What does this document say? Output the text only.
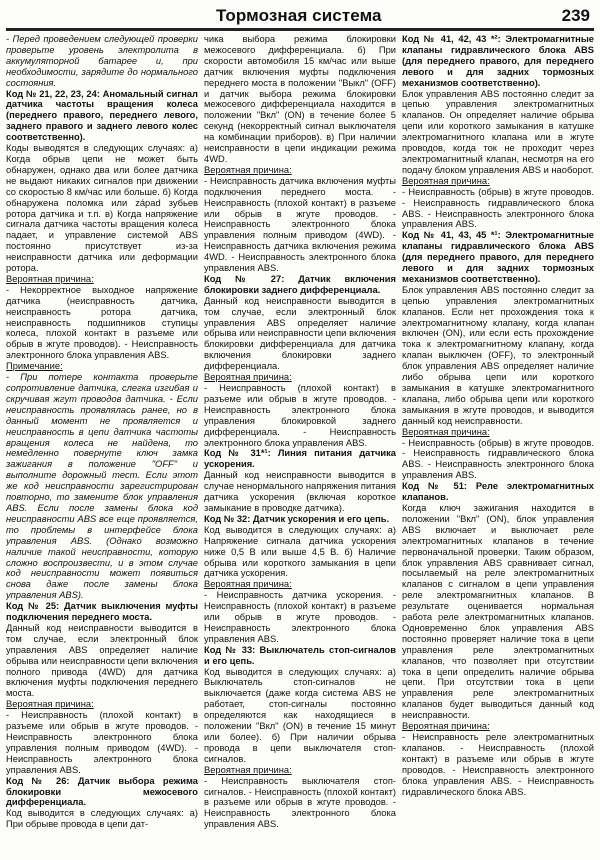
Тормозная система	239

- Перед проведением следующей проверки проверьте уровень электролита в аккумуляторной батарее и, при необходимости, зарядите до нормального состояния.

Код № 21, 22, 23, 24: Аномальный сигнал датчика частоты вращения колеса (переднего правого, переднего левого, заднего правого и заднего левого колес соответственно).

Коды выводятся в следующих случаях: а) Когда обрыв цепи не может быть обнаружен, однако два или более датчика не выдают никаких сигналов при движении со скоростью 8 км/час или больше. б) Когда обнаружена поломка или západ зубьев ротора датчика и т.п. в) Когда напряжение сигнала датчика частоты вращения колеса падает, и управление системой ABS постоянно присутствует из-за неисправности датчика или деформации ротора.

Вероятная причина:

- Некорректное выходное напряжение датчика (неисправность датчика, неисправность ротора датчика, неисправность подшипников ступицы колеса, плохой контакт в разъеме или обрыв в жгуте проводов). - Неисправность электронного блока управления ABS.

Примечание:

- При потере контакта проверьте сопротивление датчика, слегка изгибая и скручивая жгут проводов датчика. - Если неисправность проявлялась ранее, но в данный момент не проявляется и неисправность в цепи датчика частоты вращения колеса не найдена, то немедленно повернуте ключ замка зажигания в положение "OFF" и выполните дорожный тест. Если этот же код неисправности зарегистрирован повторно, то замените блок управления ABS. Если после замены блока код неисправности ABS все еще проявляется, то проблемы в интерфейсе блока управления ABS. (Однако возможно наличие такой неисправности, которую сложно воспроизвести, и в этом случае код неисправности может появиться снова даже после замены блока управления ABS).

Код № 25: Датчик выключения муфты подключения переднего моста.

Данный код неисправности выводится в том случае, если электронный блок управления ABS определяет наличие обрыва или неисправности цепи включения полного привода (4WD) для датчика включения муфты подключения переднего моста.

Вероятная причина:

- Неисправность (плохой контакт) в разъеме или обрыв в жгуте проводов. - Неисправность электронного блока управления полным приводом (4WD). - Неисправность электронного блока управления ABS.

Код № 26: Датчик выбора режима блокировки межосевого дифференциала.

Код выводится в следующих случаях: а) При обрыве провода в цепи дат-

чика выбора режима блокировки межосевого дифференциала. б) При скорости автомобиля 15 км/час или выше датчик включения муфты подключения переднего моста в положении "Выкл" (OFF) и датчик выбора режима блокировки межосевого дифференциала находится в положении "Вкл" (ON) в течение более 5 секунд (некорректный сигнал выключателя на комбинации приборов). в) При наличии неисправности в цепи индикации режима 4WD.

Вероятная причина:

- Неисправность датчика включения муфты подключения переднего моста. - Неисправность (плохой контакт) в разъеме или обрыв в жгуте проводов. - Неисправность электронного блока управления полным приводом (4WD). - Неисправность датчика включения режима 4WD. - Неисправность электронного блока управления ABS.

Код № 27: Датчик включения блокировки заднего дифференциала.

Данный код неисправности выводится в том случае, если электронный блок управления ABS определяет наличие обрыва или неисправности цепи включения блокировки дифференциала для датчика включения блокировки заднего дифференциала.

Вероятная причина:

- Неисправность (плохой контакт) в разъеме или обрыв в жгуте проводов. - Неисправность электронного блока управления блокировкой заднего дифференциала. - Неисправность электронного блока управления ABS.

Код № 31*¹: Линия питания датчика ускорения.

Данный код неисправности выводится в случае ненормального напряжения питания датчика ускорения (включая короткое замыкание в проводке датчика).

Код № 32: Датчик ускорения и его цепь.

Код выводится в следующих случаях: а) Напряжение сигнала датчика ускорения ниже 0,5 В или выше 4,5 В. б) Наличие обрыва или короткого замыкания в цепи датчика ускорения.

Вероятная причина:

- Неисправность датчика ускорения. - Неисправность (плохой контакт) в разъеме или обрыв в жгуте проводов. - Неисправность электронного блока управления ABS.

Код № 33: Выключатель стоп-сигналов и его цепь.

Код выводится в следующих случаях: а) Выключатель стоп-сигналов не выключается (даже когда система ABS не работает, стоп-сигналы постоянно определяются как находящиеся в положении "Вкл" (ON) в течение 15 минут или более). б) При наличии обрыва провода в цепи выключателя стоп-сигналов.

Вероятная причина:

- Неисправность выключателя стоп-сигналов. - Неисправность (плохой контакт) в разъеме или обрыв в жгуте проводов. - Неисправность электронного блока управления ABS.

Код № 41, 42, 43 *²: Электромагнитные клапаны гидравлического блока ABS (для переднего правого, для переднего левого и для задних тормозных механизмов соответственно).

Блок управления ABS постоянно следит за цепью управления электромагнитных клапанов. Он определяет наличие обрыва цепи или короткого замыкания в катушке электромагнитного клапана или в жгуте проводов, когда ток не проходит через электромагнитный клапан, несмотря на его подачу блоком управления ABS и наоборот.

Вероятная причина:

- Неисправность (обрыв) в жгуте проводов. - Неисправность гидравлического блока ABS. - Неисправность электронного блока управления ABS.

Код № 41, 43, 45 *¹: Электромагнитные клапаны гидравлического блока ABS (для переднего правого, для переднего левого и для задних тормозных механизмов соответственно).

Блок управления ABS постоянно следит за цепью управления электромагнитных клапанов. Если нет прохождения тока к электромагнитному клапану, когда клапан включен (ON), или если есть прохождение тока к электромагнитному клапану, когда клапан выключен (OFF), то электронный блок управления ABS определяет наличие либо обрыва цепи или короткого замыкания в катушке электромагнитного клапана, либо обрыва цепи или короткого замыкания в жгуте проводов, и выводится данный код неисправности.

Вероятная причина:

- Неисправность (обрыв) в жгуте проводов. - Неисправность гидравлического блока ABS. - Неисправность электронного блока управления ABS.

Код № 51: Реле электромагнитных клапанов.

Когда ключ зажигания находится в положении "Вкл" (ON), блок управления ABS включает и выключает реле электромагнитных клапанов в течение первоначальной проверки. Таким образом, блок управления ABS сравнивает сигнал, посылаемый на реле электромагнитных клапанов с сигналом в цепи управления реле электромагнитных клапанов. В результате оценивается нормальная работа реле электромагнитных клапанов. Одновременно блок управления ABS постоянно проверяет наличие тока в цепи управления реле электромагнитных клапанов, что позволяет при отсутствии тока в цепи определить наличие обрыва цепи. При отсутствии тока в цепи управления реле электромагнитных клапанов будет выводиться данный код неисправности.

Вероятная причина:

- Неисправность реле электромагнитных клапанов. - Неисправность (плохой контакт) в разъеме или обрыв в жгуте проводов. - Неисправность электронного блока управления ABS. - Неисправность гидравлического блока ABS.
